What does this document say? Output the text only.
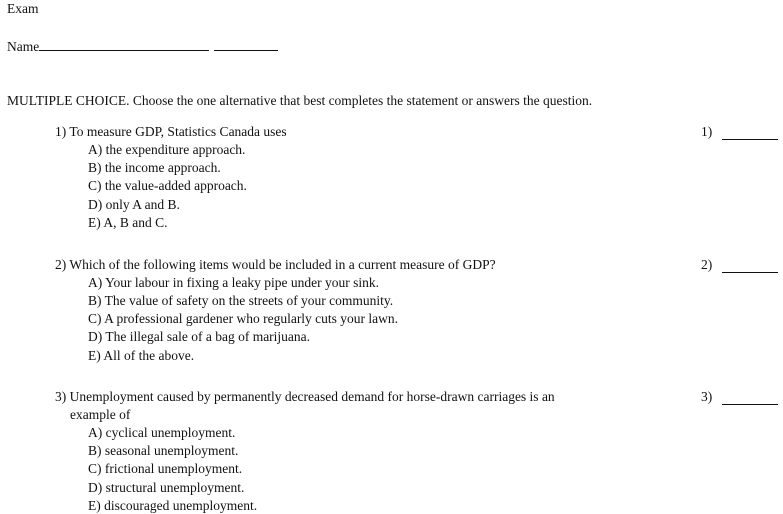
Exam
Name
MULTIPLE CHOICE. Choose the one alternative that best completes the statement or answers the question.
1) To measure GDP, Statistics Canada uses
A) the expenditure approach.
B) the income approach.
C) the value-added approach.
D) only A and B.
E) A, B and C.
1)
2) Which of the following items would be included in a current measure of GDP?
A) Your labour in fixing a leaky pipe under your sink.
B) The value of safety on the streets of your community.
C) A professional gardener who regularly cuts your lawn.
D) The illegal sale of a bag of marijuana.
E) All of the above.
2)
3) Unemployment caused by permanently decreased demand for horse-drawn carriages is an
example of
A) cyclical unemployment.
B) seasonal unemployment.
C) frictional unemployment.
D) structural unemployment.
E) discouraged unemployment.
3)
